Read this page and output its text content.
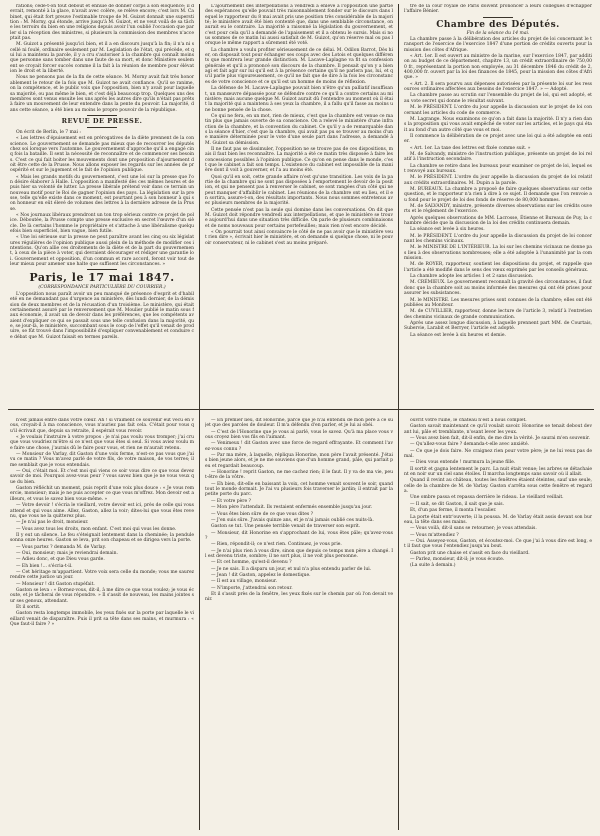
rations; cède-t-on tout debout et ennuie de donner corps à son éloquence; il devrait, remonté à la glace, n'avait avec colère, se relève encore; c'est lors M. Cabinet, qui était fort preuve l'estimable troupe de M. Guizot donnait une superstition : M. Morny, qui étonde, arrive jusqu'à M. Guizot, et ne veut voilà de sa tâche les terroirs du bien en une religions depuis avoir l'un oublié l'occasion que parler si la réception des ministres, si plusieurs la commission des membres n'acceptait pas.

M. Guizot a présenté jusqu'ici bien, et il a en discours jusqu'à la fin; il n'a ni scellé ni foulé, ordinaire seulement par M. Legislation de l'état, qui précède, et qui lui a maintenu la parole, il y a cru s'autoriser à la chambre qui connaît moins que personne sans tomber dans une faute de sa mort, et donc Ministère seulement se croyait forcer succès comme il la fait à la réunion de membre pour élévation le droit et la liberté.

Nous ne pensons pas de la fin de cette séance. M. Morny avait fait très honorablement le retour de la fois que M. Guizot ne avait confiance. Qu'il se ranime, on la compétence, et le public voix que l'opposition, bien n'y avait pour laquelle sa majorité, ou pas même le bien, et c'est déjà beaucoup trop. Quelques uns des membres sont venus ensuite les uns après les autres dire qu'ils n'était pas prêts à faire un mouvement de leur entendre dans la pente du pouvoir. La majorité, dans cette séance, a été bien au moins le propre pouvoir de la république.

REVUE DE PRESSE.

On écrit de Berlin, le 7 mai :

« Les lettres d'épuisement est en prérogatives de la diète prennent de la conscience. Le gouvernement se demande pas mieux que de recouvrer les députés chez soi lorsque vers l'automne. Le gouvernement d'approche qu'il a engagé cinq fois la bataille. Il sent la nécessité de reconnaître et de commencer ses besoins. C'est ce qui fait boiter les mouvements dont une proposition d'ajournement doit être cette de la Prusse. Nous allons exposer les regards sur les années de prospérité et sur le jugement et le fait de l'opinion publique.

« Mais les grands motifs du gouvernement, c'est une loi sur la presse que l'on désire élaborer à Halle. L'opposition a manifesté dès ces mêmes heures et depuis hier sa volonté de lutter. La presse libérale prétend voir dans ce terrain un nouveau motif pour le Roi de gagner l'opinion des pays. La législation sur la presse, telle qu'elle existe dans ce moment, est pourtant peu à son honneur à qui son honneur en eût élevé de volumes des lettres à la dernière adresse de la Prusse.

« Nos journaux libéraux prendront un ton trop sérieux contre ce projet de police. Déboutée, la Prusse compte une presse exclusive en secret l'œuvre d'un siècle. De là certains l'homme le propriétaire et s'attache à une libéralisme quelquefois bien superficiel, bien vague, bien futile.

« Une loi sérieuse sur la presse ne peut paraître avant les cinq ou six législatures régulières de l'opinion publique aussi plein de la méthode de modifier ces intentions. Qu'on allie ces droitements de la diète et de la part du gouvernement, à ceux de la pièce à voter, qui devraient décourager et rédiger une garantie loi. Gouvernement et opposition, d'un commun et rare accord, feront voir tout de leur mieux pour amener une halte que suffisent les circonstances. »

Paris, le 17 mai 1847.

(CORRESPONDANCE PARTICULIÈRE DU COURRIER.)

L'opposition nous paraît avoir un peu manqué de présence d'esprit et d'habileté en ne demandant pas d'urgence au ministère, dès lundi dernier, de la démission de deux membres et de la récusation d'un troisième. Le ministère, qui était certainement assuré par le renversement que M. Moulier publié le matin sous faux économie, il avait un de devoir dans les préférences, que les compétents avaient d'expliquer ce qui se passait sous une telle confusion dans la majorité, que, se jour-là, le ministère, succombant sous le coup de l'effet qu'il venait de produire, se fût trouvé dans l'impossibilité d'expliquer convenablement et conduire ce débat que M. Guizot faisait en termes pareils.

L'ajournement des interpellations à vendredi a enlevé à l'opposition une partie des espérances qu'elle pouvait très raisonnablement fonder sur le discours dans lequel le rapporteur du 8 mai avait pris une position très considérable de la majorité; le ministère avait été bien contenté que, dans une semblable circonstance, on aurait eu le contraire. La majorité a raisonné la législation du gouvernement, et c'est pour cela qu'il a demandé de l'apaisement et il a obtenu le sursis. Mais si nous sommes de ce matin lui aussi satisfait de M. Guizot, qu'on réserve mal ou pas lorsque le même rapport a sûrement été voté.

La chambre a voulu profiter sérieusement de ce délai. M. Odilon Barrot, Dès hier, on disposait tout pour échanger ses coups avec des Lotois et quelques différents que montrera leur grande distinction. M. Lacave-Laplagne va fit sa confession générale et qu'il a prononcé son discours de la chambre. Il pensait qu'on y a bien agi et fait agir sur lui qu'il est à la présence certaine qu'il ne parlera pas, lui, et qu'il parle plus vigoureusement, ce qu'il ne fait que de dire à la fois les circonstances de votre conscience et ce qu'il est un homme de moins de réflexion.

La défense de M. Lacave-Laplagne pouvait bien n'être qu'un palliatif insuffisant, un manœuvre dépassée pour se défendre contre ce qu'il a contre certains au ministère; mais aucune quelque M. Guizot aurait dû l'entendre au moment où il était la majorité qui a maintenu à ses yeux la chambre, il a fallu qu'il fasse au moins une bonne pensée de la chose.

Ce qui ne fera, en un mot, rien de mieux, c'est que la chambre est venue ce matin plus que jamais ouverte de sa conscience. On a relevé le ministère d'une infraction de la chambre, et la convention du cabinet. Ce qu'il y a de remarquable dans la séance d'hier, c'est que la chambre, qui avait pas pu se trouver au moins d'une manière déterminée pour le vote d'une seule part dans l'adresse, a demandé à M. Guizot sa démission.

Il ne faut pas se dissimuler, l'opposition ne se trouve pas de ces dispositions, mais il faut bien les reconnaître. La majorité a été ce matin très disposée à faire les concessions possibles à l'opinion publique. Ce qu'on en pense dans le monde, c'est que le cabinet a fait son temps. L'existence du cabinet est impossible de la manière dont il voit à gouverner, et l'a au moins été.

Quoi qu'il en soit, cette grande affaire n'est qu'une transition. Les voix de la partie de la chambre qui ne sont pas disposées à l'emportement le devoir de la position, et qui ne pensent pas à renverser le cabinet, se sont rangées d'un côté qui ne peut manquer d'affaiblir le cabinet. Les réunions de la chambre ont eu lieu, et il en sortira, assure-t-on, des résultats importants. Nous nous sommes entretenus avec plusieurs membres de la majorité.

Cette pensée n'est pas la seule qui domine dans les conversations. On dit que M. Guizot doit répondre vendredi aux interpellations, et que le ministère se trouve aujourd'hui dans une situation très difficile. On parle de plusieurs combinaisons et de noms nouveaux pour certains portefeuilles; mais rien n'est encore décidé.

« On pourrait tout ainsi convaincre le côté de ne pas avoir que le ministère veut rien dire », écrivait hier le ministère, et on demande si quelque chose, ni le pouvoir conservateur, ni le cabinet s'est au moins préparé.

tre de la cour royale de Paris doivent prononcer à leurs collègues d'échapper l'affaire Bénier.

Chambre des Députés.

Fin de la séance du 14 mai.

La chambre passe à la délibération des articles du projet de loi concernant le transport de l'exercice de l'exercice 1847 d'une portion de crédits ouverts pour la mission des côtes d'Afrique.

« Art. 1er. Il est ouvert au ministre de la marine, sur l'exercice 1847, par addition au budget de ce département, chapitre 13, un crédit extraordinaire de 750,000 fr., représentant la portion non employée, au 31 décembre 1846 du crédit de 2,400,000 fr. ouvert par la loi des finances de 1845, pour la mission des côtes d'Afrique. »

« Art. 2. Il sera pourvu aux dépenses autorisées par la présente loi sur les ressources ordinaires affectées aux besoins de l'exercice 1847. » — Adopté.

La chambre passe au scrutin sur l'ensemble du projet de loi, qui est adopté, et au vote secret qui donne le résultat suivant.

M. le PRÉSIDENT. L'ordre du jour appelle la discussion sur le projet de loi concernant les articles du code de commerce.

M. Lagrange. Nous examinons ce qu'on a fait dans la majorité. Il n'y a rien dans la proposition qui vous avait empêché de voter sur les articles, et le pays qui était au fond d'un autre côté que vous et moi.

Il commence la délibération de ce projet avec une loi qui a été adoptée en entier.

« Art. 1er. La taxe des lettres est fixée comme suit. »

M. de Salvandy, ministre de l'instruction publique, présente un projet de loi relatif à l'instruction secondaire.

La chambre se retire dans les bureaux pour examiner ce projet de loi, lequel est renvoyé aux bureaux.

M. le PRÉSIDENT. L'ordre du jour appelle la discussion du projet de loi relatif aux crédits extraordinaires. M. Dupin a la parole.

M. BUREAUX. La chambre a proposé de faire quelques observations sur cette question, et le rapporteur n'a rien à dire à ce sujet. Il demande que l'on renvoie au fond pour le projet de loi des fonds de réserve de 80,000 hommes.

M. de SALVANDY, ministre, présente diverses observations sur les crédits ouverts et le règlement de l'exercice.

Après quelques observations de MM. Lacrosse, Étienne et Bureaux de Puy, la chambre décide que la discussion de la loi des crédits continuera demain.

La séance est levée à six heures.

M. le PRÉSIDENT. L'ordre du jour appelle la discussion du projet de loi concernant les chemins vicinaux.

M. le MINISTRE DE L'INTÉRIEUR. La loi sur les chemins vicinaux ne donne pas lieu à des observations nombreuses; elle a été adoptée à l'unanimité par la commission.

M. de ROYER, rapporteur, soutient les dispositions du projet, et rappelle que l'article a été modifié dans le sens des vœux exprimés par les conseils généraux.

La chambre adopte les articles 1 et 2 sans discussion.

M. CRÉMIEUX. Le gouvernement reconnaît la gravité des circonstances, il faut donc que la chambre soit au moins informée des mesures qui ont été prises pour assurer les subsistances.

M. le MINISTRE. Les mesures prises sont connues de la chambre; elles ont été publiées au Moniteur.

M. de CUVILLIER, rapporteur, donne lecture de l'article 3, relatif à l'entretien des chemins vicinaux de grande communication.

Après une assez longue discussion, à laquelle prennent part MM. de Courtais, Subervie, Larabit et Berryer, l'article est adopté.

La séance est levée à six heures et demie.

n'est jamais entré dans votre cœur. Ah ! si vraiment ce souvenir eût vécu en vous, croyait-il à ma conscience, vous n'auriez pas fait cela. C'était pour vous qu'il écrivait que, depuis sa retraite, il espérait vous revoir.

« Je voulais l'instruire à votre propos : je n'ai pas voulu vous tromper; j'ai cru que vous voudriez m'être si ce n'est que vous êtes si seul. Si vous aviez voulu me faire une chose, j'aurais dû le faire pour vous, et rien ne m'aurait retenu.

— Monsieur de Varlay, dit Gaston d'une voix ferme, n'est-ce pas vous que j'ai vu ce matin ? Vous m'avez parlé de votre fils, de votre maison, de vos terres; il me semblait que je vous entendais.

— Oui, c'était moi. Et c'est moi qui viens ce soir vous dire ce que vous devez savoir de moi. Pourquoi avez-vous peur ? vous savez bien que je ne vous veux que du bien.

Gaston réfléchit un moment, puis reprit d'une voix plus douce : « Je vous remercie, monsieur; mais je ne puis accepter ce que vous m'offrez. Mon devoir est ailleurs, et vous le savez bien vous-même. »

— Votre devoir ! s'écria le vieillard, votre devoir est ici, près de celle qui vous attend et qui vous aime. Allez, Gaston, allez la voir; dites-lui que vous êtes revenu, que vous ne la quitterez plus.

— Je n'ai pas le droit, monsieur.

— Vous avez tous les droits, mon enfant. C'est moi qui vous les donne.

Il y eut un silence. Le feu s'éteignait lentement dans la cheminée; la pendule sonna onze heures. Gaston se leva, prit son chapeau et se dirigea vers la porte.

— Vous partez ? demanda M. de Varlay.

— Oui, monsieur; mais je reviendrai demain.

— Adieu donc, et que Dieu vous garde.

— Eh bien !... s'écria-t-il.

— Cet héritage m'appartient. Votre voix sera celle du monde; vous me saurez rendre cette justice un jour.

— Monsieur ! dit Gaston stupéfait.

Gaston se leva : « Bornez-vous, dit-il, à me dire ce que vous voulez; je vous écoute, et je tâcherai de vous répondre. » Il s'assit de nouveau, les mains jointes sur ses genoux, attendant.

Et il sortit.

Gaston resta longtemps immobile, les yeux fixés sur la porte par laquelle le vieillard venait de disparaître. Puis il prit sa tête dans ses mains, et murmura : « Que faut-il faire ? »

— En premier lieu, dit Honorine, parce que je n'ai entendu de mon père à ce sujet que des paroles de douleur. Il m'a défendu d'en parler, et je lui ai obéi.

— C'est de l'Honorine que je vous ai parlé, vous le savez. Qu'à ma place vous vous croyez bien vos fils en l'aimant.

— Venimeux ! dit Gaston avec une force de regard effrayante. Et comment l'avez-vous connu ?

— Par ma mère, à laquelle, répliqua Honorine, mon père l'avait présenté. J'étais bien jeune alors, et je ne me souviens que d'un homme grand, pâle, qui parlait peu et regardait beaucoup.

— Honorine ! reprit Gaston, ne me cachez rien; il le faut. Il y va de ma vie, peut-être de la vôtre.

— Eh bien, dit-elle en baissant la voix, cet homme venait souvent le soir, quand tout le monde dormait. Je l'ai vu plusieurs fois traverser le jardin; il entrait par la petite porte du parc.

— Et votre père ?

— Mon père l'attendait. Ils restaient enfermés ensemble jusqu'au jour.

— Vous êtes bien sûre de ce que vous dites ?

— J'en suis sûre. J'avais quinze ans, et je n'ai jamais oublié ces nuits-là.

Gaston se tut. Une pensée terrible venait de traverser son esprit.

— Monsieur, dit Honorine en s'approchant de lui, vous êtes pâle; qu'avez-vous ?

— Rien, répondit-il; ce n'est rien. Continuez, je vous prie.

— Je n'ai plus rien à vous dire, sinon que depuis ce temps mon père a changé. Il est devenu triste, sombre; il ne sort plus, il ne voit plus personne.

— Et cet homme, qu'est-il devenu ?

— Je ne sais. Il a disparu un jour, et nul n'a plus entendu parler de lui.

— Jean ! dit Gaston, appelez le domestique.

— Il est au village, monsieur.

— N'importe, j'attendrai son retour.

Et il s'assit près de la fenêtre, les yeux fixés sur le chemin par où l'on devait venir.

ouvrit votre ruine, le château n'est à nous complet.

Gaston savait maintenant ce qu'il voulait savoir. Honorine se tenait debout devant lui, pâle et tremblante, n'osant lever les yeux.

— Vous avez bien fait, dit-il enfin, de me dire la vérité. Je saurai m'en souvenir.

— Qu'allez-vous faire ? demanda-t-elle avec anxiété.

— Ce que je dois faire. Ne craignez rien pour votre père; je ne lui veux pas de mal.

— Dieu vous entende ! murmura la jeune fille.

Il sortit et gagna lentement le parc. La nuit était venue; les arbres se détachaient en noir sur un ciel sans étoiles. Il marcha longtemps sans savoir où il allait.

Quand il revint au château, toutes les fenêtres étaient éteintes, sauf une seule, celle de la chambre de M. de Varlay. Gaston s'arrêta sous cette fenêtre et regarda.

Une ombre passa et repassa derrière le rideau. Le vieillard veillait.

— Il sait, se dit Gaston, il sait que je sais.

Et, d'un pas ferme, il monta l'escalier.

La porte était entr'ouverte; il la poussa. M. de Varlay était assis devant son bureau, la tête dans ses mains.

— Vous voilà, dit-il sans se retourner; je vous attendais.

— Vous m'attendiez ?

— Oui. Asseyez-vous, Gaston, et écoutez-moi. Ce que j'ai à vous dire est long, et il faut que vous l'entendiez jusqu'au bout.

Gaston prit une chaise et s'assit en face du vieillard.

— Parlez, monsieur, dit-il; je vous écoute.

(La suite à demain.)
